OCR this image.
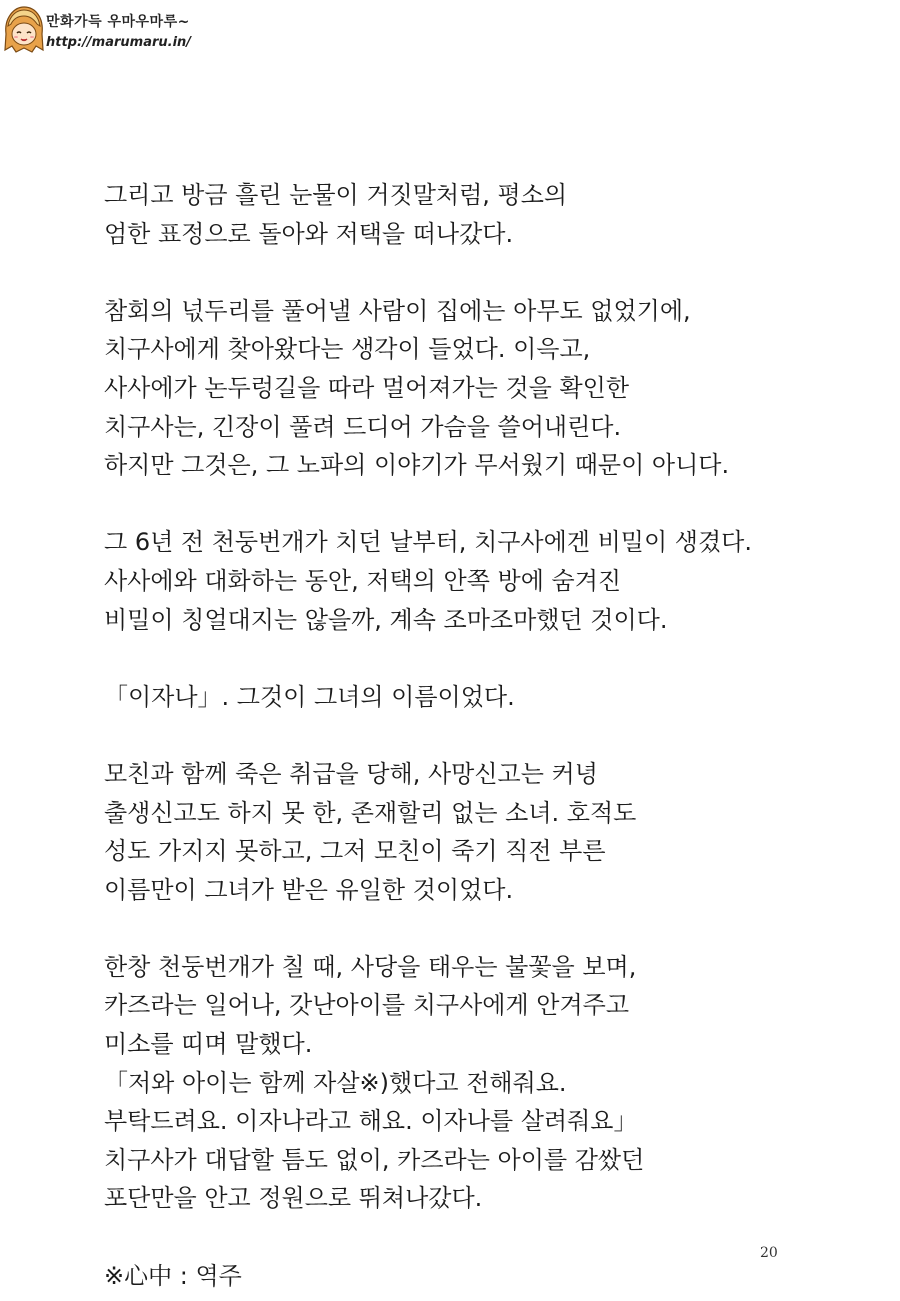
만화가득 우마우마루~
http://marumaru.in/
그리고 방금 흘린 눈물이 거짓말처럼, 평소의
엄한 표정으로 돌아와 저택을 떠나갔다.
참회의 넋두리를 풀어낼 사람이 집에는 아무도 없었기에,
치구사에게 찾아왔다는 생각이 들었다. 이윽고,
사사에가 논두렁길을 따라 멀어져가는 것을 확인한
치구사는, 긴장이 풀려 드디어 가슴을 쓸어내린다.
하지만 그것은, 그 노파의 이야기가 무서웠기 때문이 아니다.
그 6년 전 천둥번개가 치던 날부터, 치구사에겐 비밀이 생겼다.
사사에와 대화하는 동안, 저택의 안쪽 방에 숨겨진
비밀이 칭얼대지는 않을까, 계속 조마조마했던 것이다.
「이자나」. 그것이 그녀의 이름이었다.
모친과 함께 죽은 취급을 당해, 사망신고는 커녕
출생신고도 하지 못 한, 존재할리 없는 소녀. 호적도
성도 가지지 못하고, 그저 모친이 죽기 직전 부른
이름만이 그녀가 받은 유일한 것이었다.
한창 천둥번개가 칠 때, 사당을 태우는 불꽃을 보며,
카즈라는 일어나, 갓난아이를 치구사에게 안겨주고
미소를 띠며 말했다.
「저와 아이는 함께 자살※)했다고 전해줘요.
부탁드려요. 이자나라고 해요. 이자나를 살려줘요」
치구사가 대답할 틈도 없이, 카즈라는 아이를 감쌌던
포단만을 안고 정원으로 뛰쳐나갔다.
※心中 : 역주
20
